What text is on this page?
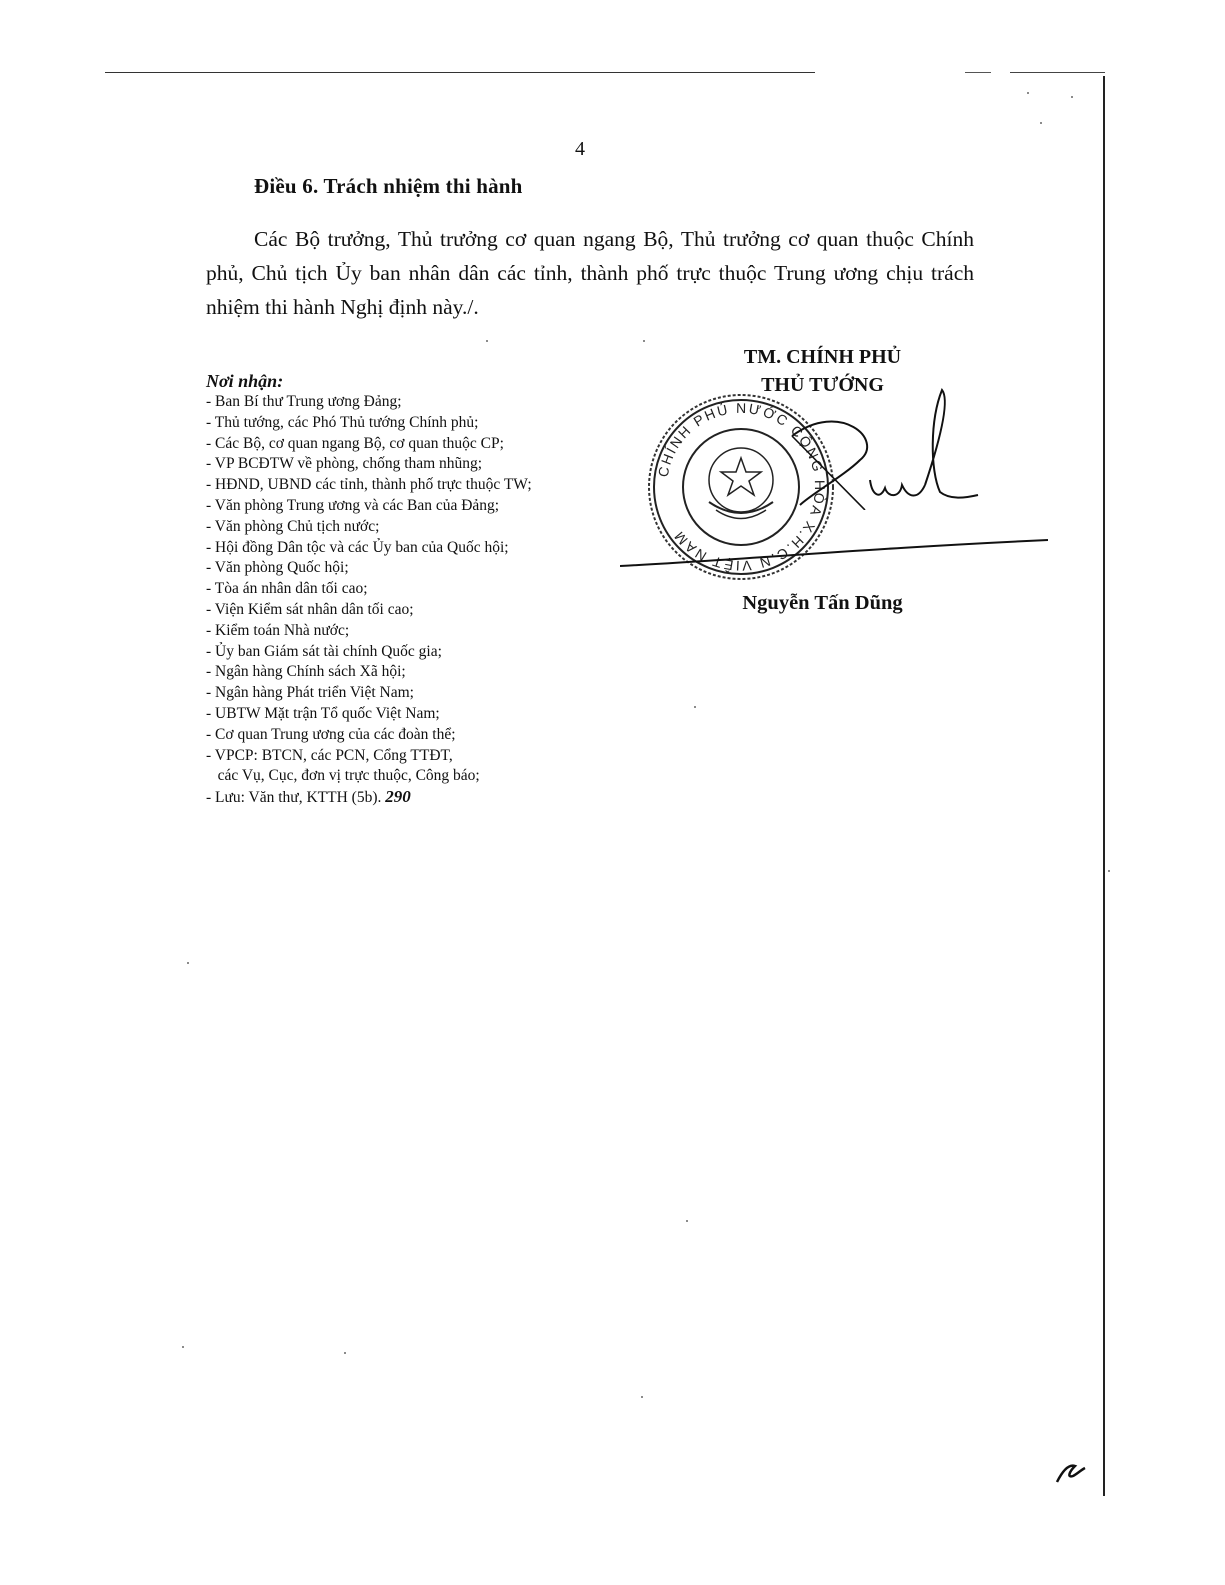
4
Điều 6. Trách nhiệm thi hành
Các Bộ trưởng, Thủ trưởng cơ quan ngang Bộ, Thủ trưởng cơ quan thuộc Chính phủ, Chủ tịch Ủy ban nhân dân các tỉnh, thành phố trực thuộc Trung ương chịu trách nhiệm thi hành Nghị định này./.
Nơi nhận:
- Ban Bí thư Trung ương Đảng;
- Thủ tướng, các Phó Thủ tướng Chính phủ;
- Các Bộ, cơ quan ngang Bộ, cơ quan thuộc CP;
- VP BCĐTW về phòng, chống tham nhũng;
- HĐND, UBND các tỉnh, thành phố trực thuộc TW;
- Văn phòng Trung ương và các Ban của Đảng;
- Văn phòng Chủ tịch nước;
- Hội đồng Dân tộc và các Ủy ban của Quốc hội;
- Văn phòng Quốc hội;
- Tòa án nhân dân tối cao;
- Viện Kiểm sát nhân dân tối cao;
- Kiểm toán Nhà nước;
- Ủy ban Giám sát tài chính Quốc gia;
- Ngân hàng Chính sách Xã hội;
- Ngân hàng Phát triển Việt Nam;
- UBTW Mặt trận Tổ quốc Việt Nam;
- Cơ quan Trung ương của các đoàn thể;
- VPCP: BTCN, các PCN, Cổng TTĐT,
các Vụ, Cục, đơn vị trực thuộc, Công báo;
- Lưu: Văn thư, KTTH (5b). 290
TM. CHÍNH PHỦ
THỦ TƯỚNG
CHÍNH PHỦ NƯỚC CỘNG HÒA X.H.C.N VIỆT NAM
Nguyễn Tấn Dũng
